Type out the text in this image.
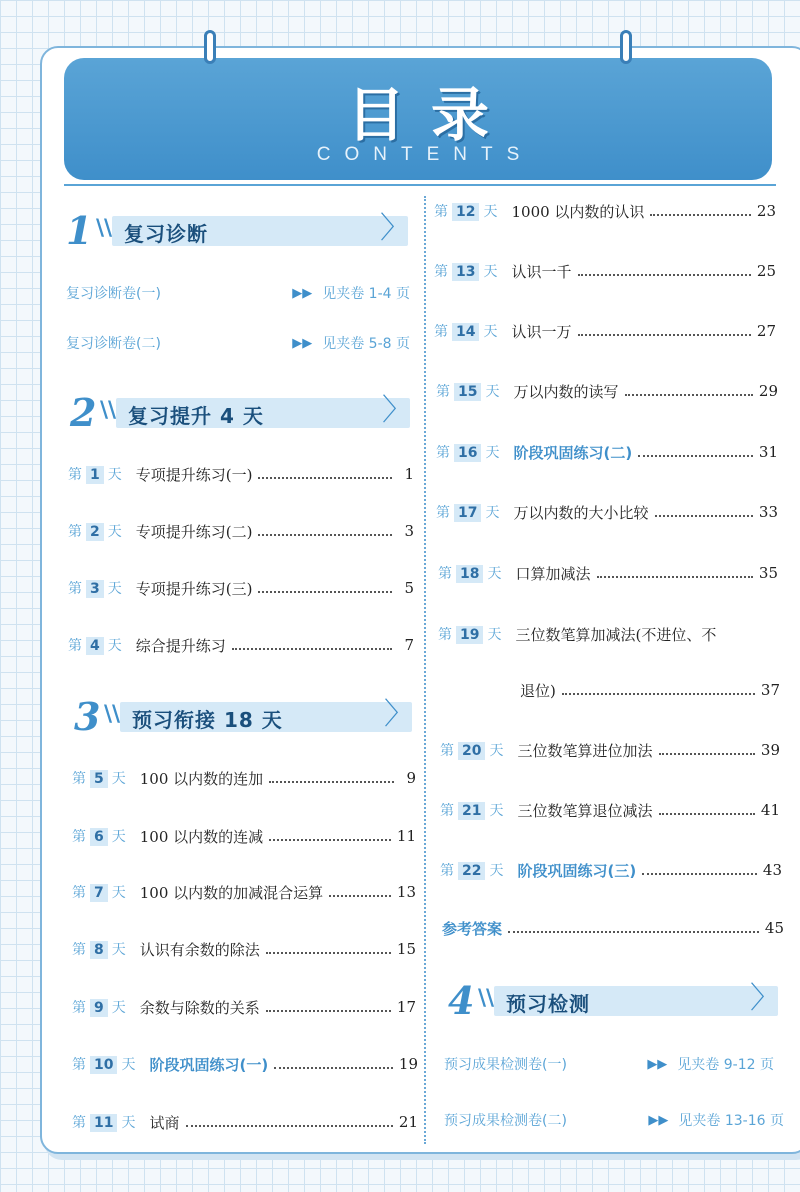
目录
CONTENTS
1 \\ 复习诊断	〉
复习诊断卷(一)	▶▶ 见夹卷 1-4 页
复习诊断卷(二)	▶▶ 见夹卷 5-8 页
2 \\ 复习提升 4 天	〉
第 1 天 专项提升练习(一)	1
第 2 天 专项提升练习(二)	3
第 3 天 专项提升练习(三)	5
第 4 天 综合提升练习	7
3 \\ 预习衔接 18 天	〉
第 5 天 100 以内数的连加	9
第 6 天 100 以内数的连减	11
第 7 天 100 以内数的加减混合运算	13
第 8 天 认识有余数的除法	15
第 9 天 余数与除数的关系	17
第 10 天 阶段巩固练习(一)	19
第 11 天 试商	21
第 12 天 1000 以内数的认识	23
第 13 天 认识一千	25
第 14 天 认识一万	27
第 15 天 万以内数的读写	29
第 16 天 阶段巩固练习(二)	31
第 17 天 万以内数的大小比较	33
第 18 天 口算加减法	35
第 19 天 三位数笔算加减法(不进位、不
退位)	37
第 20 天 三位数笔算进位加法	39
第 21 天 三位数笔算退位减法	41
第 22 天 阶段巩固练习(三)	43
参考答案	45
4 \\ 预习检测	〉
预习成果检测卷(一)	▶▶ 见夹卷 9-12 页
预习成果检测卷(二)	▶▶ 见夹卷 13-16 页
